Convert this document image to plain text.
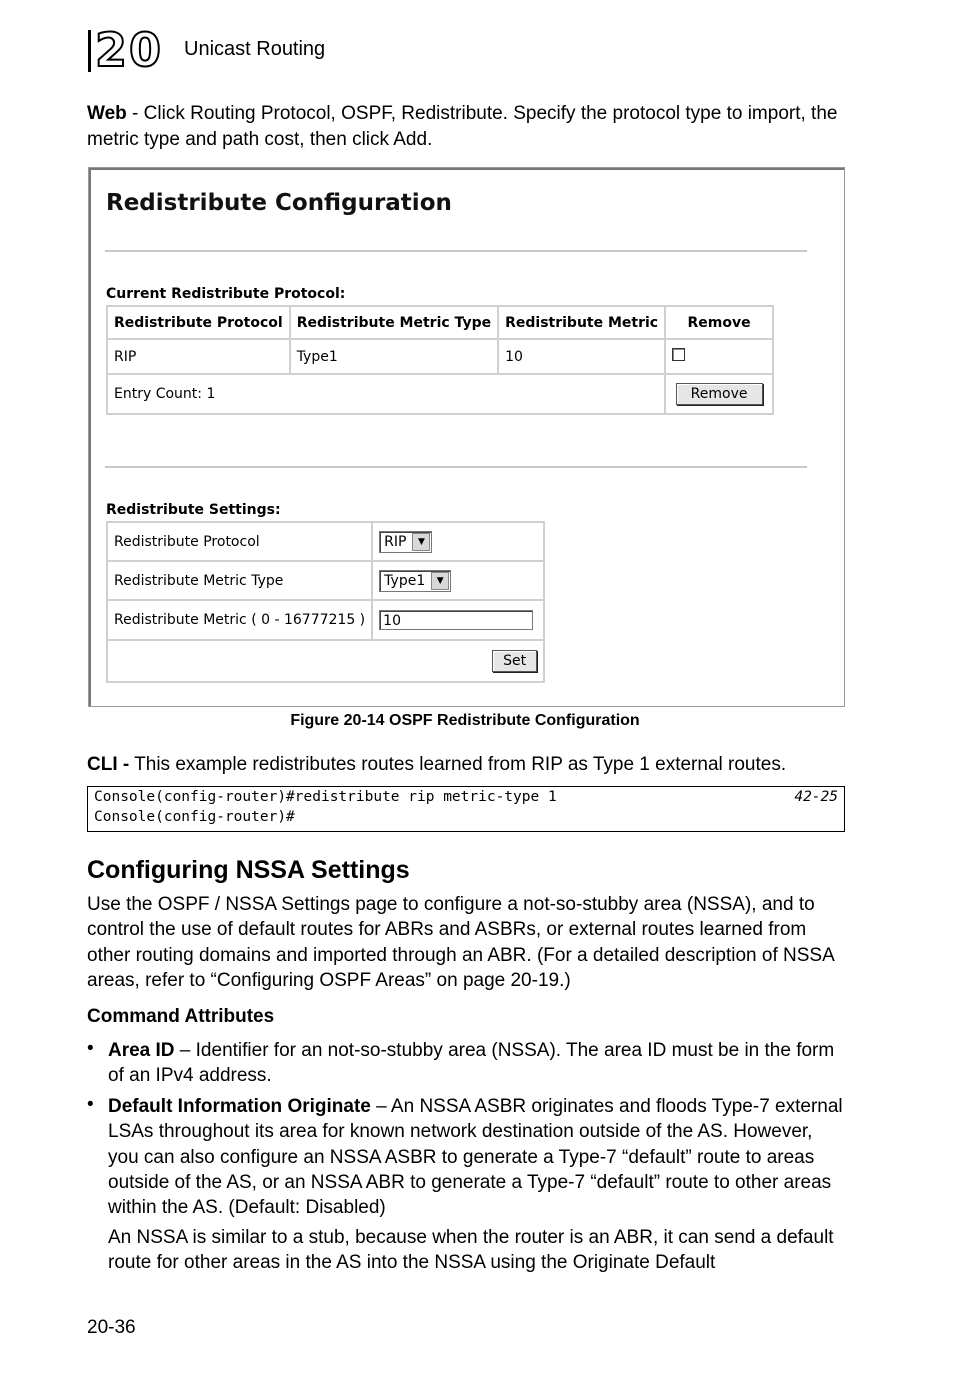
20	Unicast Routing
Web - Click Routing Protocol, OSPF, Redistribute. Specify the protocol type to import, the metric type and path cost, then click Add.
Redistribute Configuration
Current Redistribute Protocol:
Redistribute Protocol	Redistribute Metric Type	Redistribute Metric	Remove
RIP	Type1	10	
Entry Count: 1			Remove
Redistribute Settings:
Redistribute Protocol	RIP ▼

Redistribute Metric Type	Type1 ▼

Redistribute Metric ( 0 - 16777215 )	10
Set	
Figure 20-14 OSPF Redistribute Configuration
CLI - This example redistributes routes learned from RIP as Type 1 external routes.
Console(config-router)#redistribute rip metric-type 1	42-25
Console(config-router)#
Configuring NSSA Settings
Use the OSPF / NSSA Settings page to configure a not-so-stubby area (NSSA), and to control the use of default routes for ABRs and ASBRs, or external routes learned from other routing domains and imported through an ABR. (For a detailed description of NSSA areas, refer to “Configuring OSPF Areas” on page 20-19.)
Command Attributes
• Area ID – Identifier for an not-so-stubby area (NSSA). The area ID must be in the form of an IPv4 address.
• Default Information Originate – An NSSA ASBR originates and floods Type-7 external LSAs throughout its area for known network destination outside of the AS. However, you can also configure an NSSA ASBR to generate a Type-7 “default” route to areas outside of the AS, or an NSSA ABR to generate a Type-7 “default” route to other areas within the AS. (Default: Disabled)
An NSSA is similar to a stub, because when the router is an ABR, it can send a default route for other areas in the AS into the NSSA using the Originate Default
20-36
